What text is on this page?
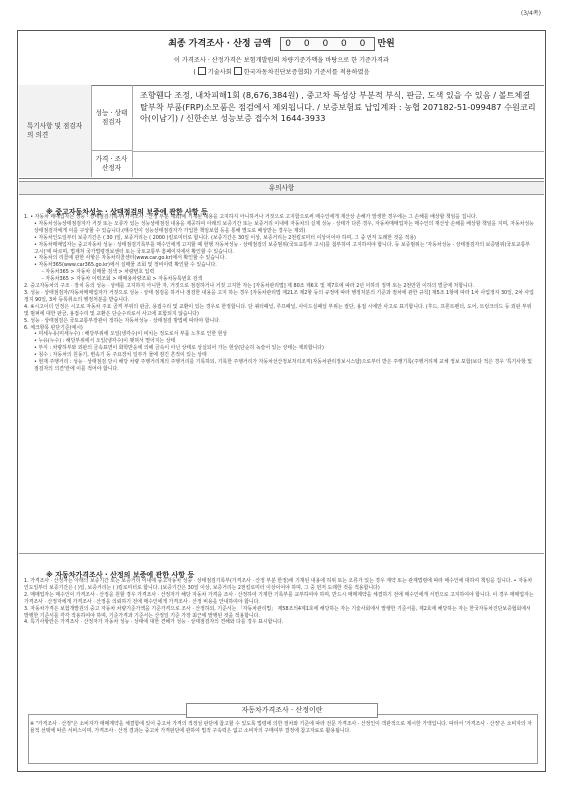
(3/4쪽)
최종 가격조사 · 산정 금액 0 0 0 0 0 만원
이 가격조사 · 산정가격은 보험개발원의 차량기준가액을 바탕으로 한 기준가격과
( 기술사회 한국자동차진단보증협회) 기준서를 적용하였음
특기사항 및 점검자의 의견
성능 · 상태점검자
가격 · 조사산정자
조향휀다 조정, 내차피해1회 (8,676,384원) , 중고차 특성상 부분적 부식, 판금, 도색 있을 수 있음 / 볼트체결 탈부착 부품(FRP)소모품은 점검에서 제외됩니다. / 보증보험료 납입계좌 : 농협 207182-51-099487 수원코리아(이남기) / 신한손보 성능보증 접수처 1644-3933
유의사항
※ 중고자동차성능 · 상태점검의 보증에 관한 사항 등

1. • 자동차 매매업자는 성능 · 상태점검기록부(가격조사 · 산정 부분 제외)에 기재된 내용을 고지하지 아니하거나 거짓으로 고지함으로써 매수인에게 재산상 손해가 발생한 경우에는 그 손해를 배상할 책임을 집니다.

• 자동차성능상태점검자가 거짓 또는 오류가 있는 성능상태점검 내용을 제공하여 아래의 보증기간 또는 보증거리 이내에 자동차의 실제 성능 · 상태가 다른 경우, 자동차매매업자는 매수인의 재산상 손해를 배상할 책임을 지며, 자동차성능상태점검자에게 이를 구상할 수 있습니다.(매수인이 성능상태점검자가 가입한 책임보험 등을 통해 별도로 배상받는 경우는 제외)

• 자동차인도일부터 보증기간은 ( 30 )일, 보증거리는 ( 2000 )킬로미터로 합니다. (보증기간은 30일 이상, 보증거리는 2천킬로미터 이상이어야 하며, 그 중 먼저 도래한 것을 적용)

• 자동차매매업자는 중고자동차 성능 · 상태점검기록부를 매수인에게 고지할 때 현행 자동차성능 · 상태점검의 보증범위(국토교통부 고시)를 첨부하여 고지하여야 합니다. 등 보증범위는 '자동차성능 · 상태점검자의 보증범위(국토교통부 고시)'에 따르며, 법제처 국가법령정보센터 또는 국토교통부 홈페이지에서 확인할 수 있습니다.

• 자동차의 리콜에 관한 사항은 자동차리콜센터(www.car.go.kr)에서 확인할 수 있습니다.

• 자동차365(www.car365.go.kr)에서 실매물 조회 및 정비이력 확인할 수 있습니다.

- 자동차365 > 자동차 실매물 검색 > 차량번호 입력

- 자동차365 > 자동차 이력조회 > 매매용차량조회 > 자동차등록번호 검색

2. 중고자동차의 구조 · 장치 등의 성능 · 상태를 고지하지 아니한 자, 거짓으로 점검하거나 거짓 고지한 자는 [자동차관리법] 제 80조 제6호 및 제7호에 따라 2년 이하의 징역 또는 2천만원 이하의 벌금에 처합니다.

3. 성능 · 상태점검자/자동차매매업자가 거짓으로 성능 · 상태 점검을 하거나 점검한 내용을 고지 하는 경우 [자동차관리법 제21조 제2항 등의 규정에 따라 행정처분의 기준과 절차에 관한 규칙] 제5조 1항에 따라 1차 사업정지 30일, 2차 사업정지 90일, 3차 등록취소의 행정처분을 받습니다.

4. ※시고이더 인정은 시고로 자동차 주요 골격 부위의 판금, 용접수리 및 교환이 있는 경우로 한정합니다. 단 쿼터패널, 루프패널, 사이드실패널 부위는 절단, 용접 시에만 사고로 표기합니다. (후드, 프론트펜더, 도어, 트렁크리드 등 외판 부위 및 범퍼에 대한 판금, 용접수리 및 교환은 단순수리로서 사고에 포함되지 않습니다)

5. 성능 · 상태점검은 국토교통부장관이 정하는 자동차성능 · 상태점검 방법에 따라야 합니다.

6. 체크항목 판단기준(예시)

• 미세누유(미세누수) : 해당부위에 오일(냉각수)이 비치는 정도로서 부품 노후로 인한 현상

• 누유(누수) : 해당부위에서 오일(냉각수)이 맺혀서 떨어지는 상태

• 부식 : 차량하부와 외판의 금속표면이 화학반응에 의해 금속이 아닌 상태로 상실되어 가는 현상(단순히 녹슬어 있는 상태는 제외합니다)

• 침수 : 자동차의 원동기, 변속기 등 주요장치 일부가 물에 잠긴 흔적이 있는 상태

• 현재 주행거리 : 성능 · 상태점검 당시 해당 차량 주행거리계의 주행거리를 기록하되, 기록한 주행거리가 자동차선산정보처리조직(자동차관리정보시스템)으로부터 받은 주행기록(주행거리계 교체 정보 포함)보다 적은 경우 '특기사항 및 점검자의 의견'란에 이를 적어야 합니다.

※ 자동차가격조사 · 산정의 보증에 관한 사항 등

1. 가격조사 · 산정자는 아래의 보증기간 또는 보증거리 이내에 중고자동차 성능 · 상태점검기록부(가격조사 · 산정 부분 한정)에 기재된 내용에 허위 또는 오류가 있는 경우 계약 또는 관계법령에 따라 매수인에 대하여 책임을 집니다. • 자동차인도일부터 보증기간은 ( )일, 보증거리는 ( )킬로미터로 합니다. (보증기간은 30일 이상, 보증거리는 2천킬로미터 이상이어야 하며, 그 중 먼저 도래한 것을 적용합니다)

2. 매매업자는 매수인이 가격조사 · 산정을 원할 경우 가격조사 · 산정자가 해당 자동차 가격을 조사 · 산정하여 기재한 기록부를 교부하여야 하며, 반드시 매매계약을 체결하기 전에 매수인에게 서면으로 고지하여야 합니다. 이 경우 매매업자는 가격조사 · 산정자에게 가격조사 · 산정을 의뢰하기 전에 매수인에게 가격조사 · 산정 비용을 안내하여야 합니다.

3. 자동차가격은 보험개발원의 중고 자동차 차량기준가액을 기준가격으로 조사 · 산정하되, 기준서는 「자동차관리법」 제58조의4제1호에 해당하는 자는 기술사회에서 발행한 기준서를, 제2호에 해당하는 자는 한국자동차진단보증협회에서 발행한 기준서를 각각 적용하여야 하며, 기준가격과 기준서는 산정일 기준 가장 최근에 발행된 것을 적용합니다.

4. 특기사항란은 가격조사 · 산정자가 자동차 성능 · 상태에 대한 견해가 성능 · 상태점검자의 견해와 다를 경우 표시합니다.

자동차가격조사 · 산정이란
※ "가격조사 · 산정"은 소비자가 매매계약을 체결함에 있어 중고차 가격의 적정성 판단에 참고할 수 있도록 법령에 의한 절차와 기준에 따라 전문 가격조사 · 산정인이 객관적으로 제시한 가액입니다. 따라서 '가격조사 · 산정'은 소비자의 자율적 선택에 따른 서비스이며, 가격조사 · 산정 결과는 중고차 가격판단에 관하여 법적 구속력은 없고 소비자의 구매여부 결정에 참고자료로 활용됩니다.
